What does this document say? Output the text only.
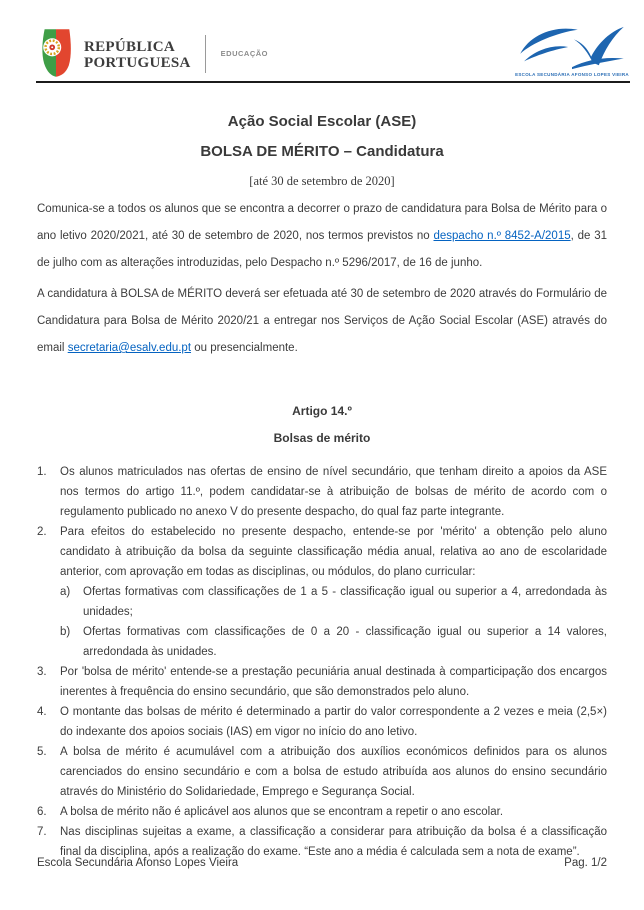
REPÚBLICA
PORTUGUESA
EDUCAÇÃO
ESCOLA SECUNDÁRIA AFONSO LOPES VIEIRA
Ação Social Escolar (ASE)
BOLSA DE MÉRITO – Candidatura
[até 30 de setembro de 2020]

Comunica-se a todos os alunos que se encontra a decorrer o prazo de candidatura para Bolsa de Mérito para o ano letivo 2020/2021, até 30 de setembro de 2020, nos termos previstos no despacho n.º 8452-A/2015, de 31 de julho com as alterações introduzidas, pelo Despacho n.º 5296/2017, de 16 de junho.

A candidatura à BOLSA de MÉRITO deverá ser efetuada até 30 de setembro de 2020 através do Formulário de Candidatura para Bolsa de Mérito 2020/21 a entregar nos Serviços de Ação Social Escolar (ASE) através do email secretaria@esalv.edu.pt ou presencialmente.

Artigo 14.º
Bolsas de mérito
1.	Os alunos matriculados nas ofertas de ensino de nível secundário, que tenham direito a apoios da ASE nos termos do artigo 11.º, podem candidatar-se à atribuição de bolsas de mérito de acordo com o regulamento publicado no anexo V do presente despacho, do qual faz parte integrante.
2.	Para efeitos do estabelecido no presente despacho, entende-se por 'mérito' a obtenção pelo aluno candidato à atribuição da bolsa da seguinte classificação média anual, relativa ao ano de escolaridade anterior, com aprovação em todas as disciplinas, ou módulos, do plano curricular:
a)	Ofertas formativas com classificações de 1 a 5 - classificação igual ou superior a 4, arredondada às unidades;
b)	Ofertas formativas com classificações de 0 a 20 - classificação igual ou superior a 14 valores, arredondada às unidades.
3.	Por 'bolsa de mérito' entende-se a prestação pecuniária anual destinada à comparticipação dos encargos inerentes à frequência do ensino secundário, que são demonstrados pelo aluno.
4.	O montante das bolsas de mérito é determinado a partir do valor correspondente a 2 vezes e meia (2,5×) do indexante dos apoios sociais (IAS) em vigor no início do ano letivo.
5.	A bolsa de mérito é acumulável com a atribuição dos auxílios económicos definidos para os alunos carenciados do ensino secundário e com a bolsa de estudo atribuída aos alunos do ensino secundário através do Ministério do Solidariedade, Emprego e Segurança Social.
6.	A bolsa de mérito não é aplicável aos alunos que se encontram a repetir o ano escolar.
7.	Nas disciplinas sujeitas a exame, a classificação a considerar para atribuição da bolsa é a classificação final da disciplina, após a realização do exame. “Este ano a média é calculada sem a nota de exame”.
Escola Secundária Afonso Lopes Vieira	Pag. 1/2
